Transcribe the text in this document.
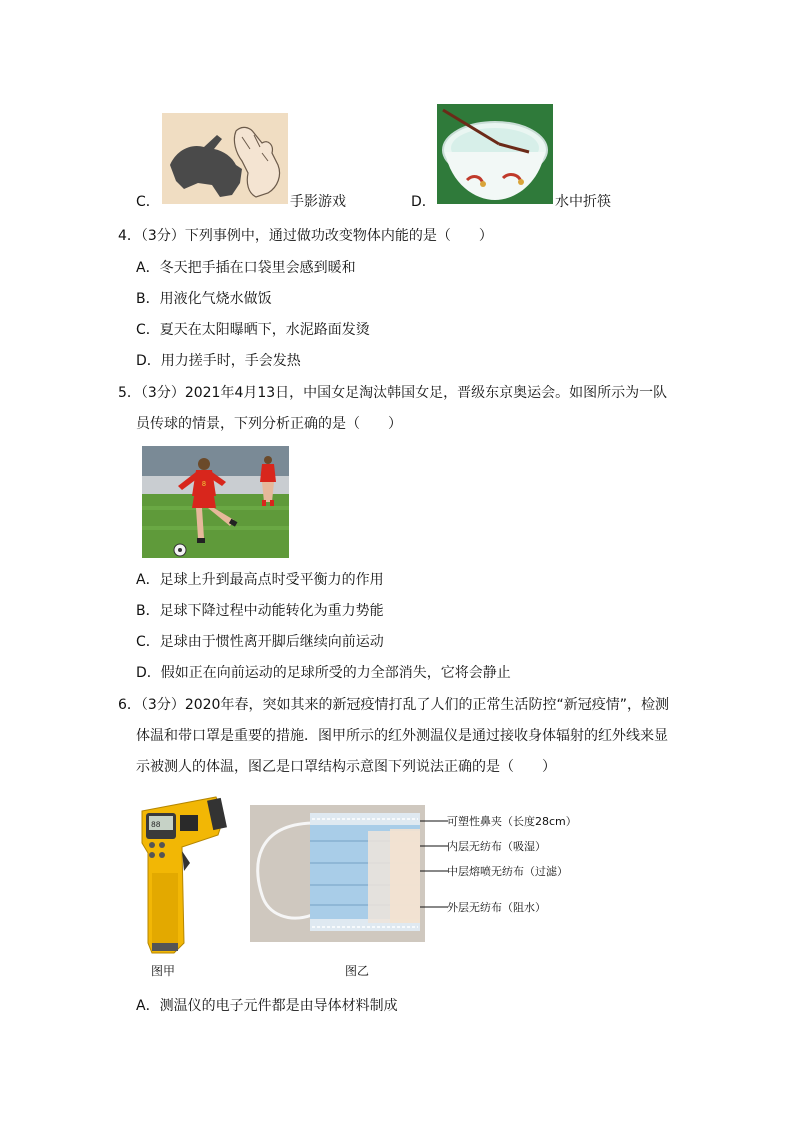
C．	手影游戏	D．	水中折筷
4．（3分）下列事例中，通过做功改变物体内能的是（　　）
A．冬天把手插在口袋里会感到暖和
B．用液化气烧水做饭
C．夏天在太阳曝晒下，水泥路面发烫
D．用力搓手时，手会发热
5．（3分）2021年4月13日，中国女足淘汰韩国女足，晋级东京奥运会。如图所示为一队
员传球的情景，下列分析正确的是（　　）
8
A．足球上升到最高点时受平衡力的作用
B．足球下降过程中动能转化为重力势能
C．足球由于惯性离开脚后继续向前运动
D．假如正在向前运动的足球所受的力全部消失，它将会静止
6．（3分）2020年春，突如其来的新冠疫情打乱了人们的正常生活防控“新冠疫情”，检测
体温和带口罩是重要的措施．图甲所示的红外测温仪是通过接收身体辐射的红外线来显
示被测人的体温，图乙是口罩结构示意图下列说法正确的是（　　）
88	可塑性鼻夹（长度28cm）
内层无纺布（吸湿）
中层熔喷无纺布（过滤）
外层无纺布（阻水）
图甲	图乙
A．测温仪的电子元件都是由导体材料制成
